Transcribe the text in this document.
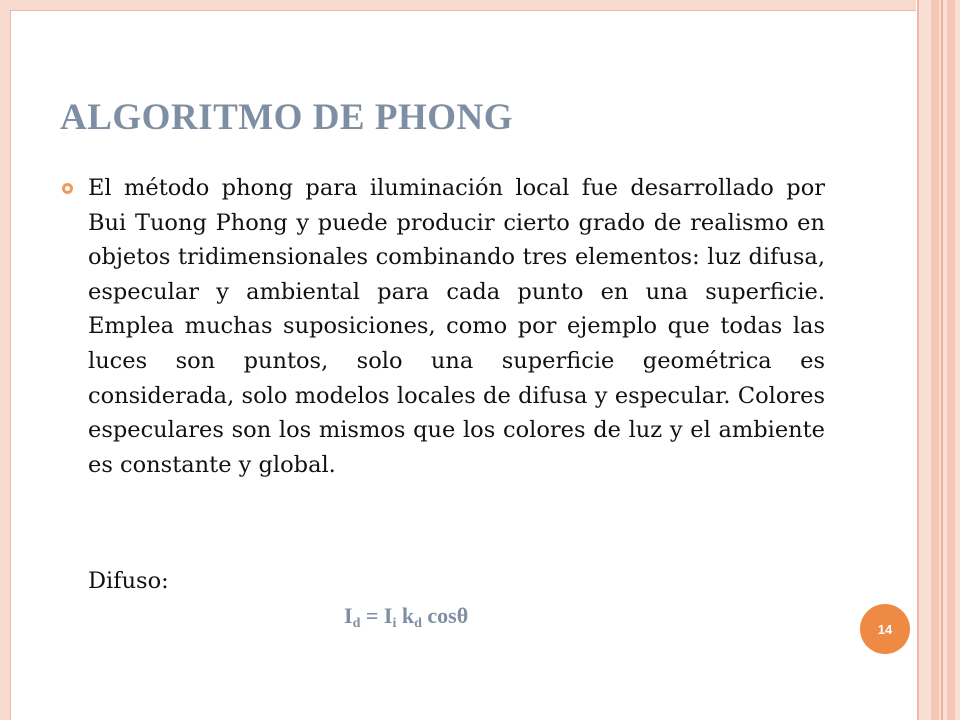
ALGORITMO DE PHONG

El método phong para iluminación local fue desarrollado por Bui Tuong Phong y puede producir cierto grado de realismo en objetos tridimensionales combinando tres elementos: luz difusa, especular y ambiental para cada punto en una superficie. Emplea muchas suposiciones, como por ejemplo que todas las luces son puntos, solo una superficie geométrica es considerada, solo modelos locales de difusa y especular. Colores especulares son los mismos que los colores de luz y el ambiente es constante y global.

Difuso:

$I_d = I_i$ $k_d$ cosθ

14
